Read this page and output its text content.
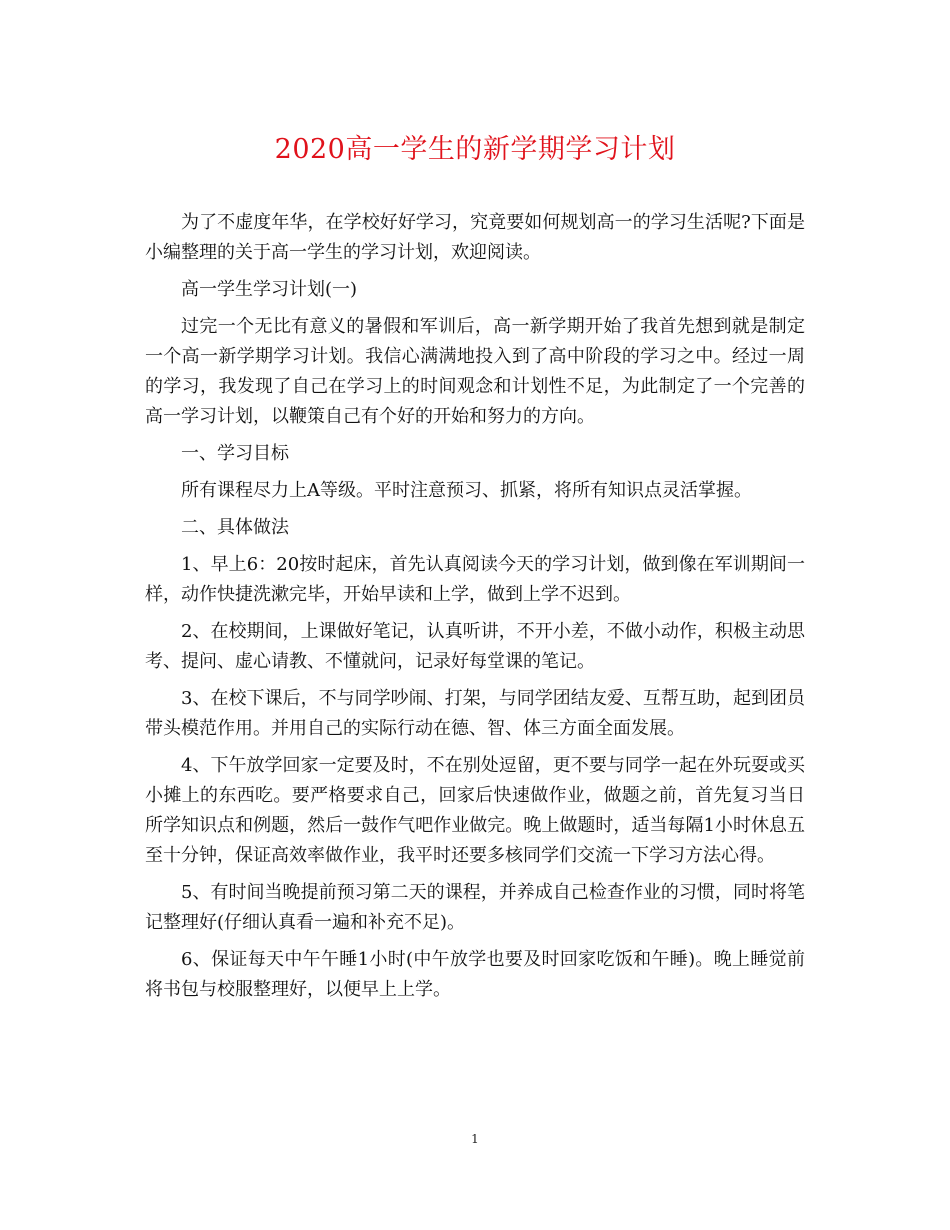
2020高一学生的新学期学习计划

为了不虚度年华，在学校好好学习，究竟要如何规划高一的学习生活呢?下面是小编整理的关于高一学生的学习计划，欢迎阅读。

高一学生学习计划(一)

过完一个无比有意义的暑假和军训后，高一新学期开始了我首先想到就是制定一个高一新学期学习计划。我信心满满地投入到了高中阶段的学习之中。经过一周的学习，我发现了自己在学习上的时间观念和计划性不足，为此制定了一个完善的高一学习计划，以鞭策自己有个好的开始和努力的方向。

一、学习目标

所有课程尽力上A等级。平时注意预习、抓紧，将所有知识点灵活掌握。

二、具体做法

1、早上6：20按时起床，首先认真阅读今天的学习计划，做到像在军训期间一样，动作快捷洗漱完毕，开始早读和上学，做到上学不迟到。

2、在校期间，上课做好笔记，认真听讲，不开小差，不做小动作，积极主动思考、提问、虚心请教、不懂就问，记录好每堂课的笔记。

3、在校下课后，不与同学吵闹、打架，与同学团结友爱、互帮互助，起到团员带头模范作用。并用自己的实际行动在德、智、体三方面全面发展。

4、下午放学回家一定要及时，不在别处逗留，更不要与同学一起在外玩耍或买小摊上的东西吃。要严格要求自己，回家后快速做作业，做题之前，首先复习当日所学知识点和例题，然后一鼓作气吧作业做完。晚上做题时，适当每隔1小时休息五至十分钟，保证高效率做作业，我平时还要多核同学们交流一下学习方法心得。

5、有时间当晚提前预习第二天的课程，并养成自己检查作业的习惯，同时将笔记整理好(仔细认真看一遍和补充不足)。

6、保证每天中午午睡1小时(中午放学也要及时回家吃饭和午睡)。晚上睡觉前将书包与校服整理好，以便早上上学。

1
